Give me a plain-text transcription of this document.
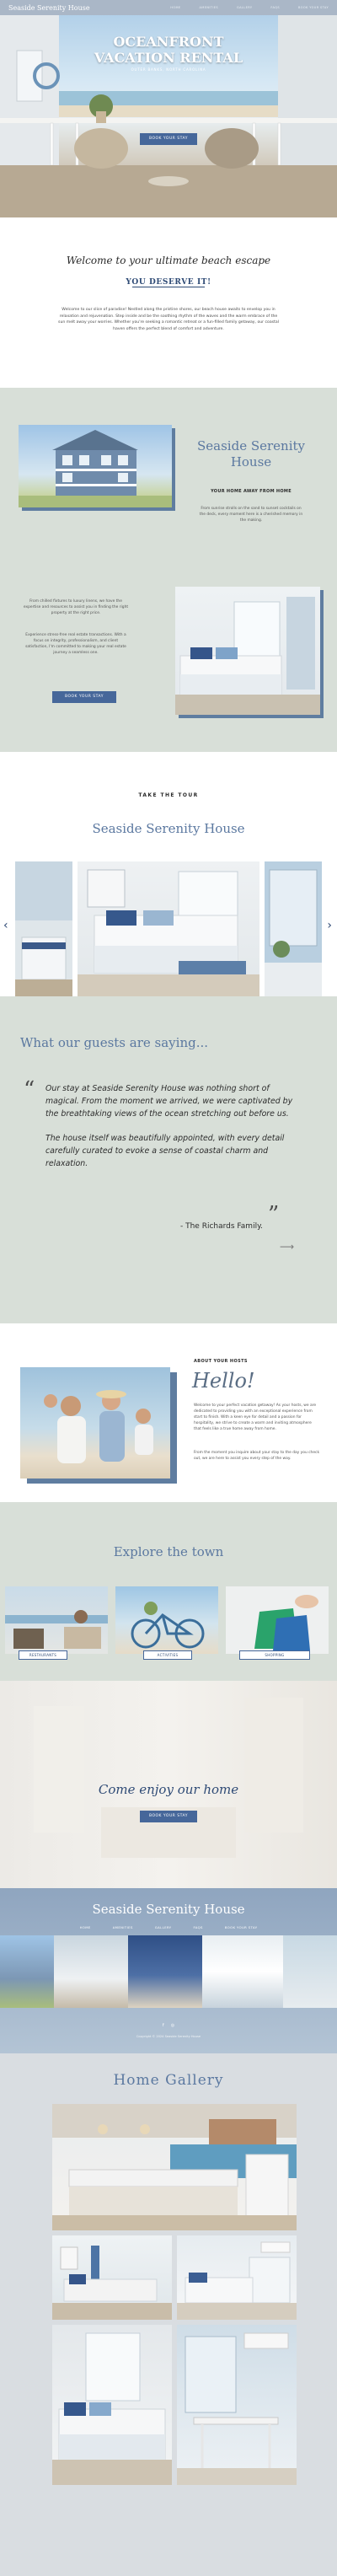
Seaside Serenity House	HOME	AMENITIES	GALLERY	FAQS	BOOK YOUR STAY
OCEANFRONT
VACATION RENTAL
OUTER BANKS, NORTH CAROLINA
BOOK YOUR STAY
Welcome to your ultimate beach escape
YOU DESERVE IT!
Welcome to our slice of paradise! Nestled along the pristine shores, our beach house awaits to envelop you in relaxation and rejuvenation. Step inside and be the soothing rhythm of the waves and the warm embrace of the sun melt away your worries. Whether you're seeking a romantic retreat or a fun-filled family getaway, our coastal haven offers the perfect blend of comfort and adventure.
Seaside Serenity
House
YOUR HOME AWAY FROM HOME
From sunrise strolls on the sand to sunset cocktails on the deck, every moment here is a cherished memory in the making.
From chilled fixtures to luxury linens, we have the expertise and resources to assist you in finding the right property at the right price.
Experience stress-free real estate transactions. With a focus on integrity, professionalism, and client satisfaction, I'm committed to making your real estate journey a seamless one.
BOOK YOUR STAY
TAKE THE TOUR
Seaside Serenity House
‹	›
What our guests are saying...
“ Our stay at Seaside Serenity House was nothing short of magical. From the moment we arrived, we were captivated by the breathtaking views of the ocean stretching out before us.

The house itself was beautifully appointed, with every detail carefully curated to evoke a sense of coastal charm and relaxation.

”
- The Richards Family.
⟶
ABOUT YOUR HOSTS
Hello!
Welcome to your perfect vacation getaway! As your hosts, we are dedicated to providing you with an exceptional experience from start to finish. With a keen eye for detail and a passion for hospitality, we strive to create a warm and inviting atmosphere that feels like a true home away from home.
From the moment you inquire about your stay to the day you check out, we are here to assist you every step of the way.
Explore the town
RESTAURANTS	ACTIVITIES	SHOPPING
Come enjoy our home
BOOK YOUR STAY
Seaside Serenity House
HOME	AMENITIES	GALLERY	FAQS	BOOK YOUR STAY
f ◎
Copyright © 2024 Seaside Serenity House
Home Gallery
